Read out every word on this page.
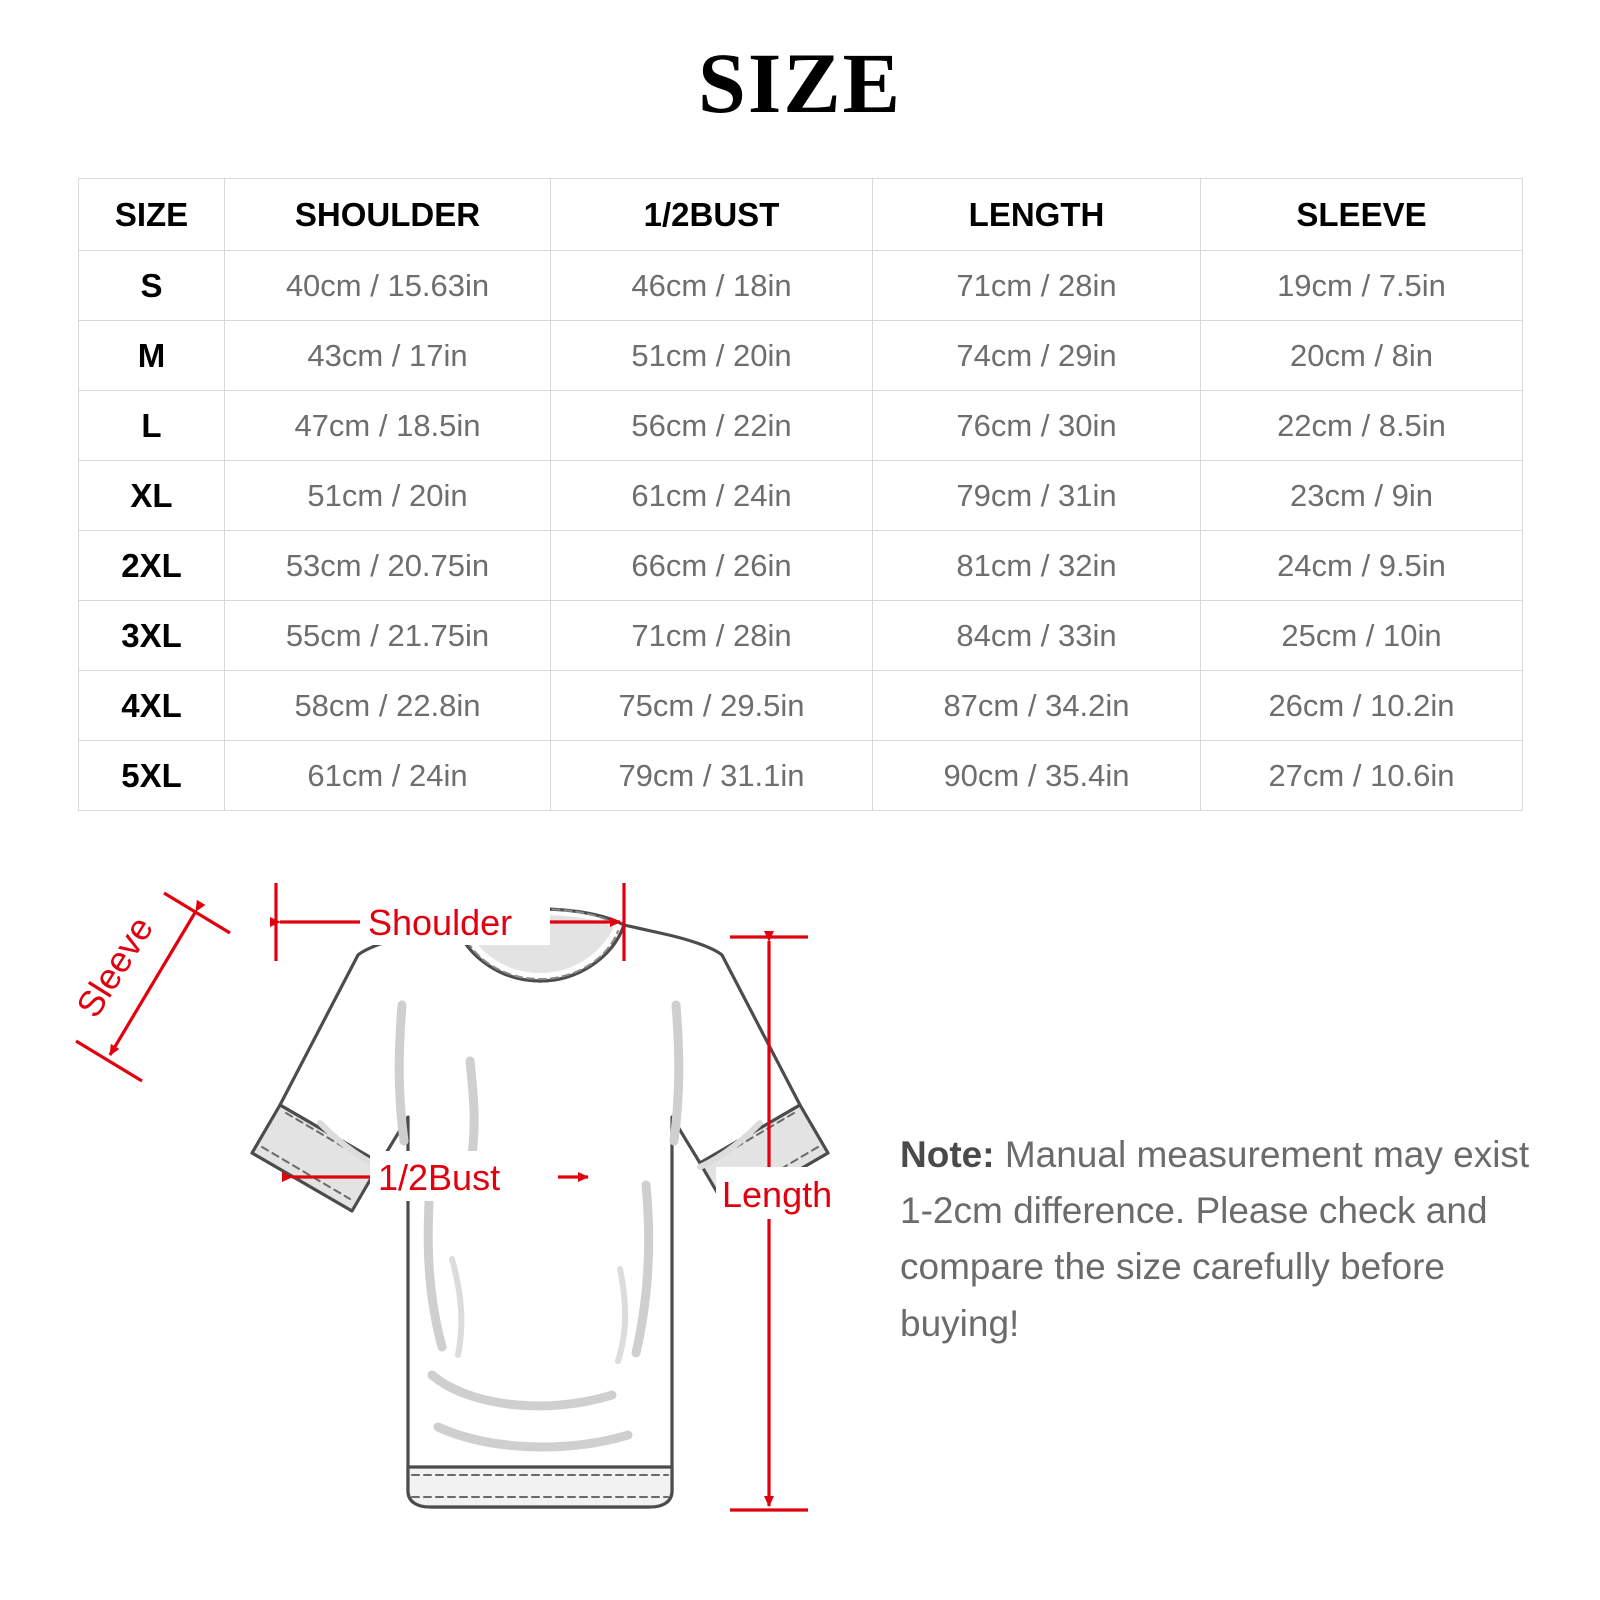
SIZE
SIZE	SHOULDER	1/2BUST	LENGTH	SLEEVE
S	40cm / 15.63in	46cm / 18in	71cm / 28in	19cm / 7.5in
M	43cm / 17in	51cm / 20in	74cm / 29in	20cm / 8in
L	47cm / 18.5in	56cm / 22in	76cm / 30in	22cm / 8.5in
XL	51cm / 20in	61cm / 24in	79cm / 31in	23cm / 9in
2XL	53cm / 20.75in	66cm / 26in	81cm / 32in	24cm / 9.5in
3XL	55cm / 21.75in	71cm / 28in	84cm / 33in	25cm / 10in
4XL	58cm / 22.8in	75cm / 29.5in	87cm / 34.2in	26cm / 10.2in
5XL	61cm / 24in	79cm / 31.1in	90cm / 35.4in	27cm / 10.6in
Shoulder
Sleeve
1/2Bust	Length

Note: Manual measurement may exist 1-2cm difference. Please check and compare the size carefully before buying!
